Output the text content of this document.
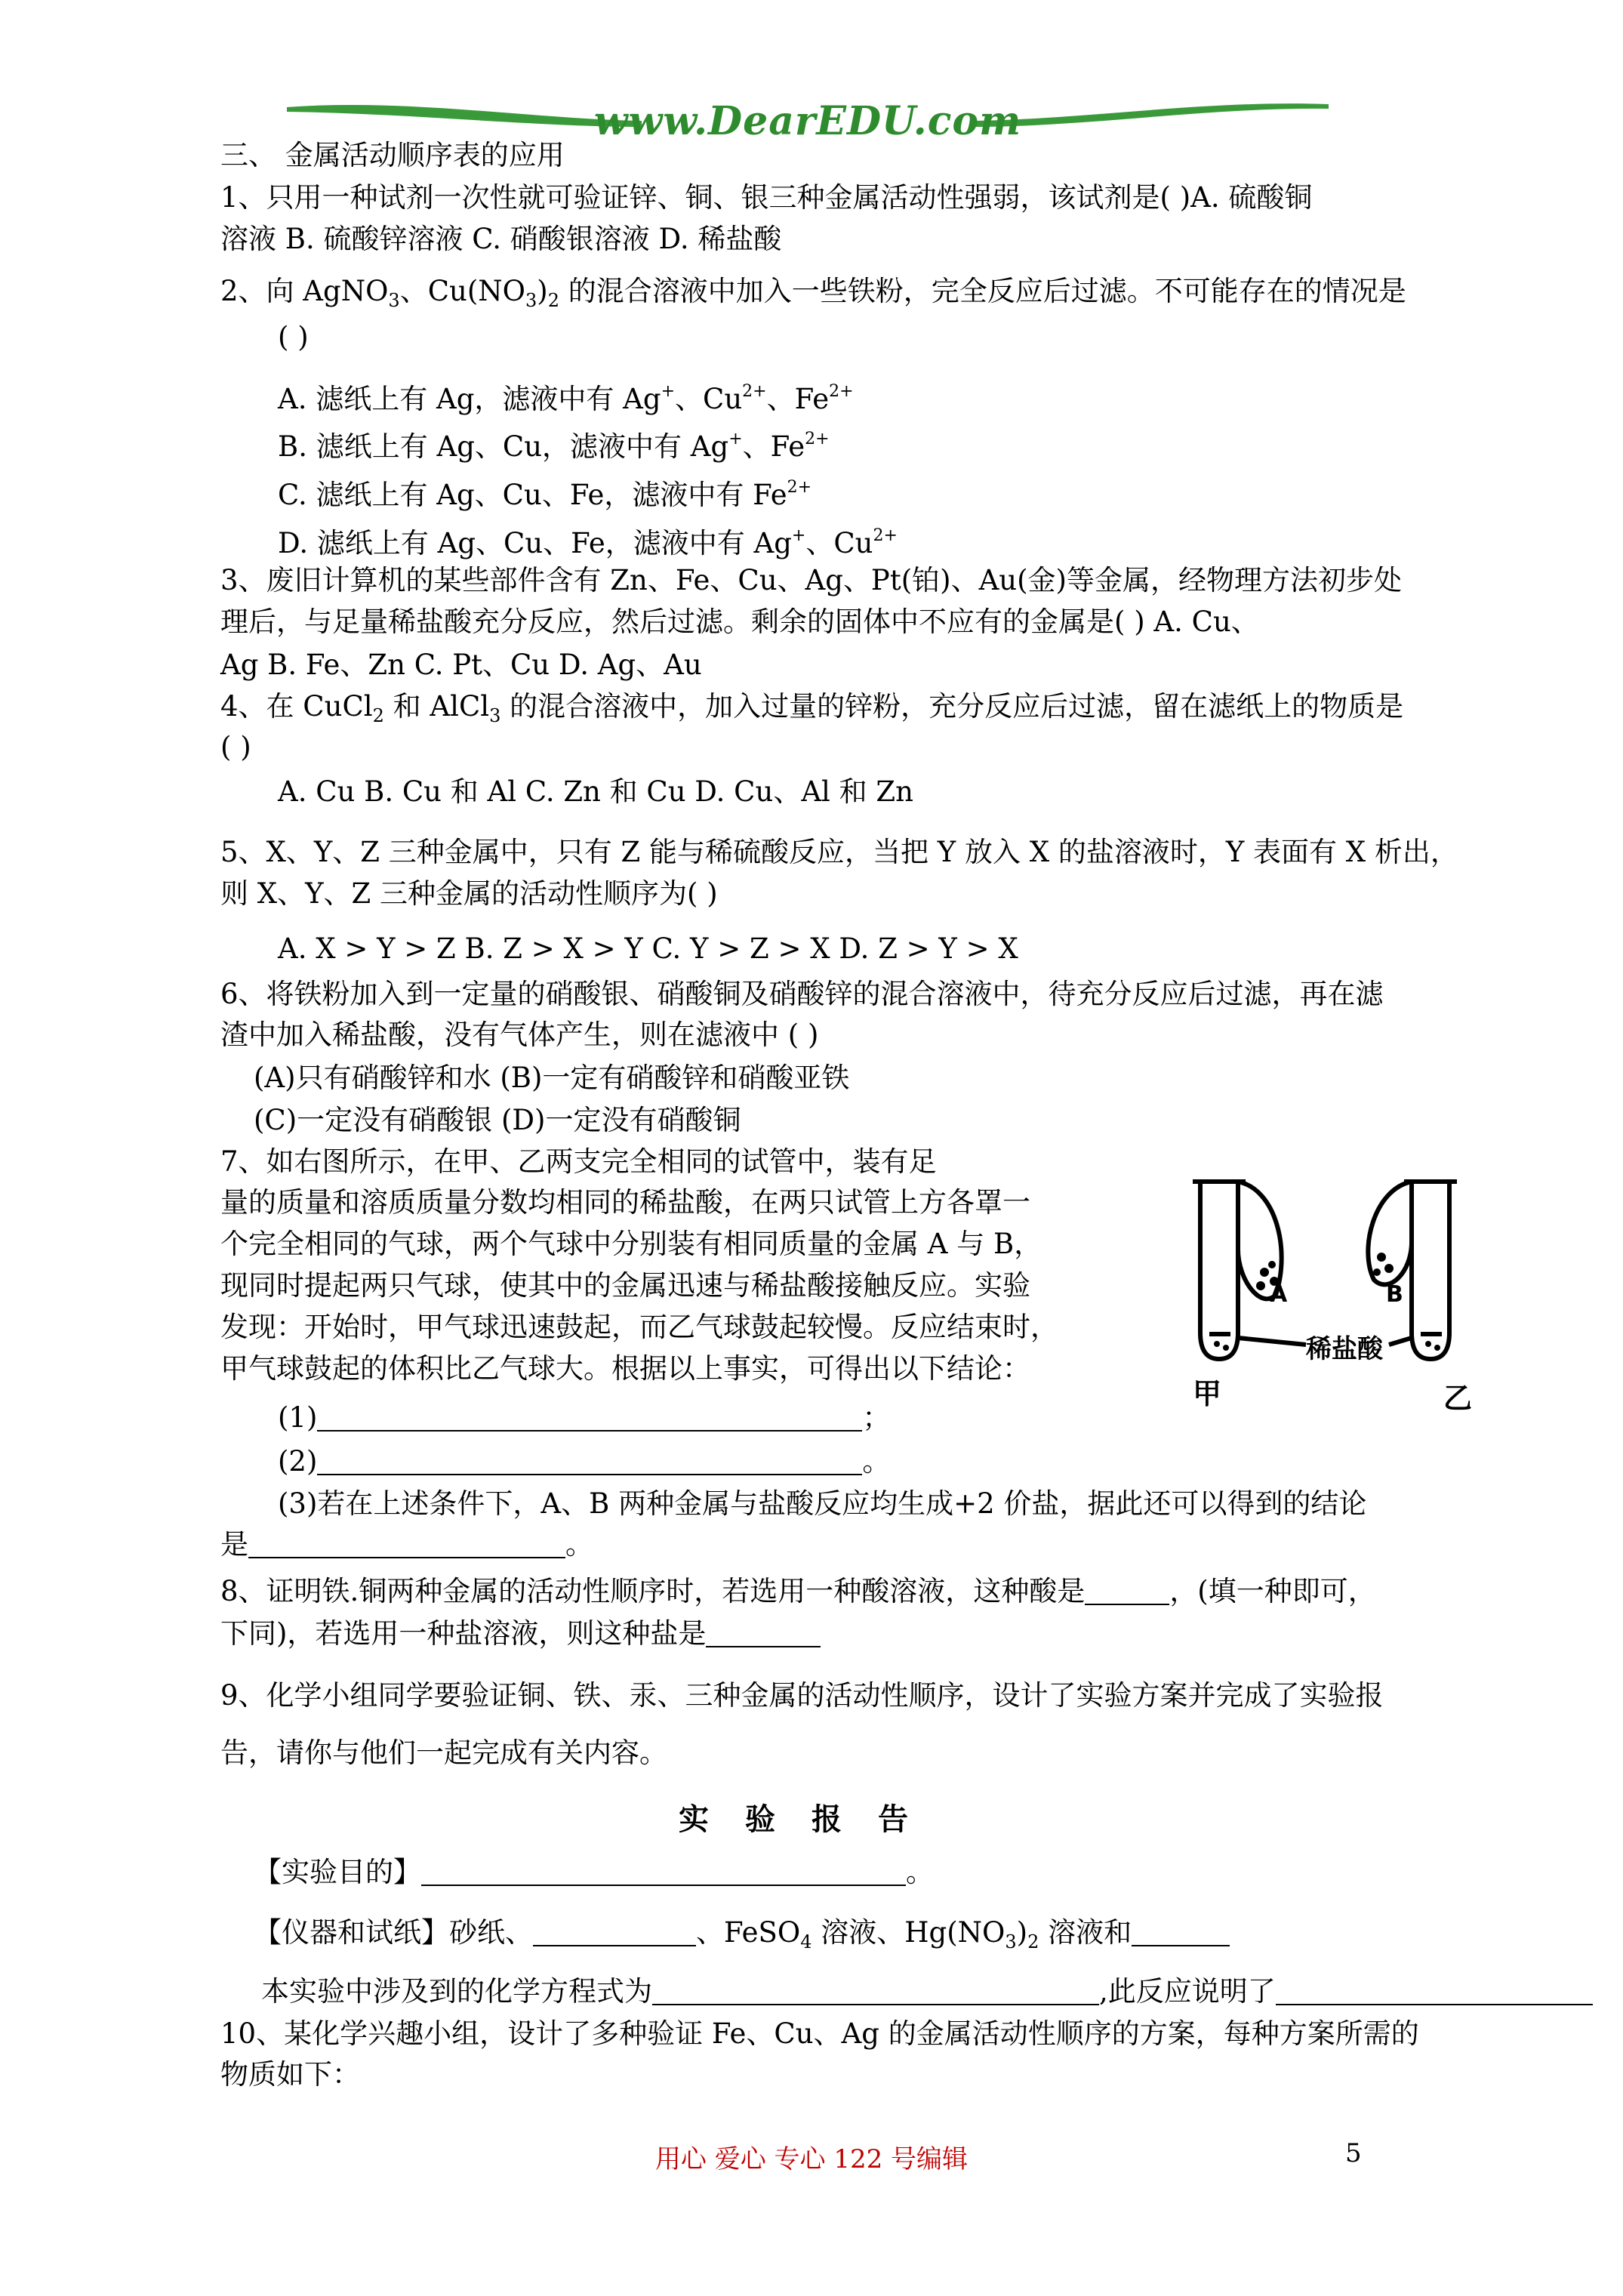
www.DearEDU.com
三、 金属活动顺序表的应用
1、只用一种试剂一次性就可验证锌、铜、银三种金属活动性强弱，该试剂是( )A. 硫酸铜
溶液 B. 硫酸锌溶液 C. 硝酸银溶液 D. 稀盐酸
2、向 AgNO$_3$、$Cu(NO_3)_2$ 的混合溶液中加入一些铁粉，完全反应后过滤。不可能存在的情况是
( )
A. 滤纸上有 Ag，滤液中有 Ag+、$Cu^{2+}$、$Fe^{2+}$
B. 滤纸上有 Ag、Cu，滤液中有 Ag+、$Fe^{2+}$
C. 滤纸上有 Ag、Cu、Fe，滤液中有 $Fe^{2+}$
D. 滤纸上有 Ag、Cu、Fe，滤液中有 Ag+、$Cu^{2+}$
3、废旧计算机的某些部件含有 Zn、Fe、Cu、Ag、Pt(铂)、Au(金)等金属，经物理方法初步处
理后，与足量稀盐酸充分反应，然后过滤。剩余的固体中不应有的金属是( ) A. Cu、
Ag B. Fe、Zn C. Pt、Cu D. Ag、Au
4、在 CuCl$_2$ 和 AlCl$_3$ 的混合溶液中，加入过量的锌粉，充分反应后过滤，留在滤纸上的物质是
( )
A. Cu B. Cu 和 Al C. Zn 和 Cu D. Cu、Al 和 Zn
5、X、Y、Z 三种金属中，只有 Z 能与稀硫酸反应，当把 Y 放入 X 的盐溶液时，Y 表面有 X 析出，
则 X、Y、Z 三种金属的活动性顺序为( )
A. X > Y > Z B. Z > X > Y C. Y > Z > X D. Z > Y > X
6、将铁粉加入到一定量的硝酸银、硝酸铜及硝酸锌的混合溶液中，待充分反应后过滤，再在滤
渣中加入稀盐酸，没有气体产生，则在滤液中 ( )
(A)只有硝酸锌和水 (B)一定有硝酸锌和硝酸亚铁
(C)一定没有硝酸银 (D)一定没有硝酸铜
7、如右图所示，在甲、乙两支完全相同的试管中，装有足
量的质量和溶质质量分数均相同的稀盐酸，在两只试管上方各罩一
个完全相同的气球，两个气球中分别装有相同质量的金属 A 与 B，
现同时提起两只气球，使其中的金属迅速与稀盐酸接触反应。实验
发现：开始时，甲气球迅速鼓起，而乙气球鼓起较慢。反应结束时，
甲气球鼓起的体积比乙气球大。根据以上事实，可得出以下结论：
(1)	；
(2)	。
(3)若在上述条件下，A、B 两种金属与盐酸反应均生成+2 价盐，据此还可以得到的结论
是	。
8、证明铁.铜两种金属的活动性顺序时，若选用一种酸溶液，这种酸是	，(填一种即可，
下同)，若选用一种盐溶液，则这种盐是
9、化学小组同学要验证铜、铁、汞、三种金属的活动性顺序，设计了实验方案并完成了实验报
告，请你与他们一起完成有关内容。
实验报告
【实验目的】	。
【仪器和试纸】砂纸、	、FeSO$_4$ 溶液、$Hg(NO_3)_2$ 溶液和
本实验中涉及到的化学方程式为	,此反应说明了
10、某化学兴趣小组，设计了多种验证 Fe、Cu、Ag 的金属活动性顺序的方案，每种方案所需的
物质如下：
A	B
稀盐酸
甲	乙
用心 爱心 专心 122 号编辑	5
